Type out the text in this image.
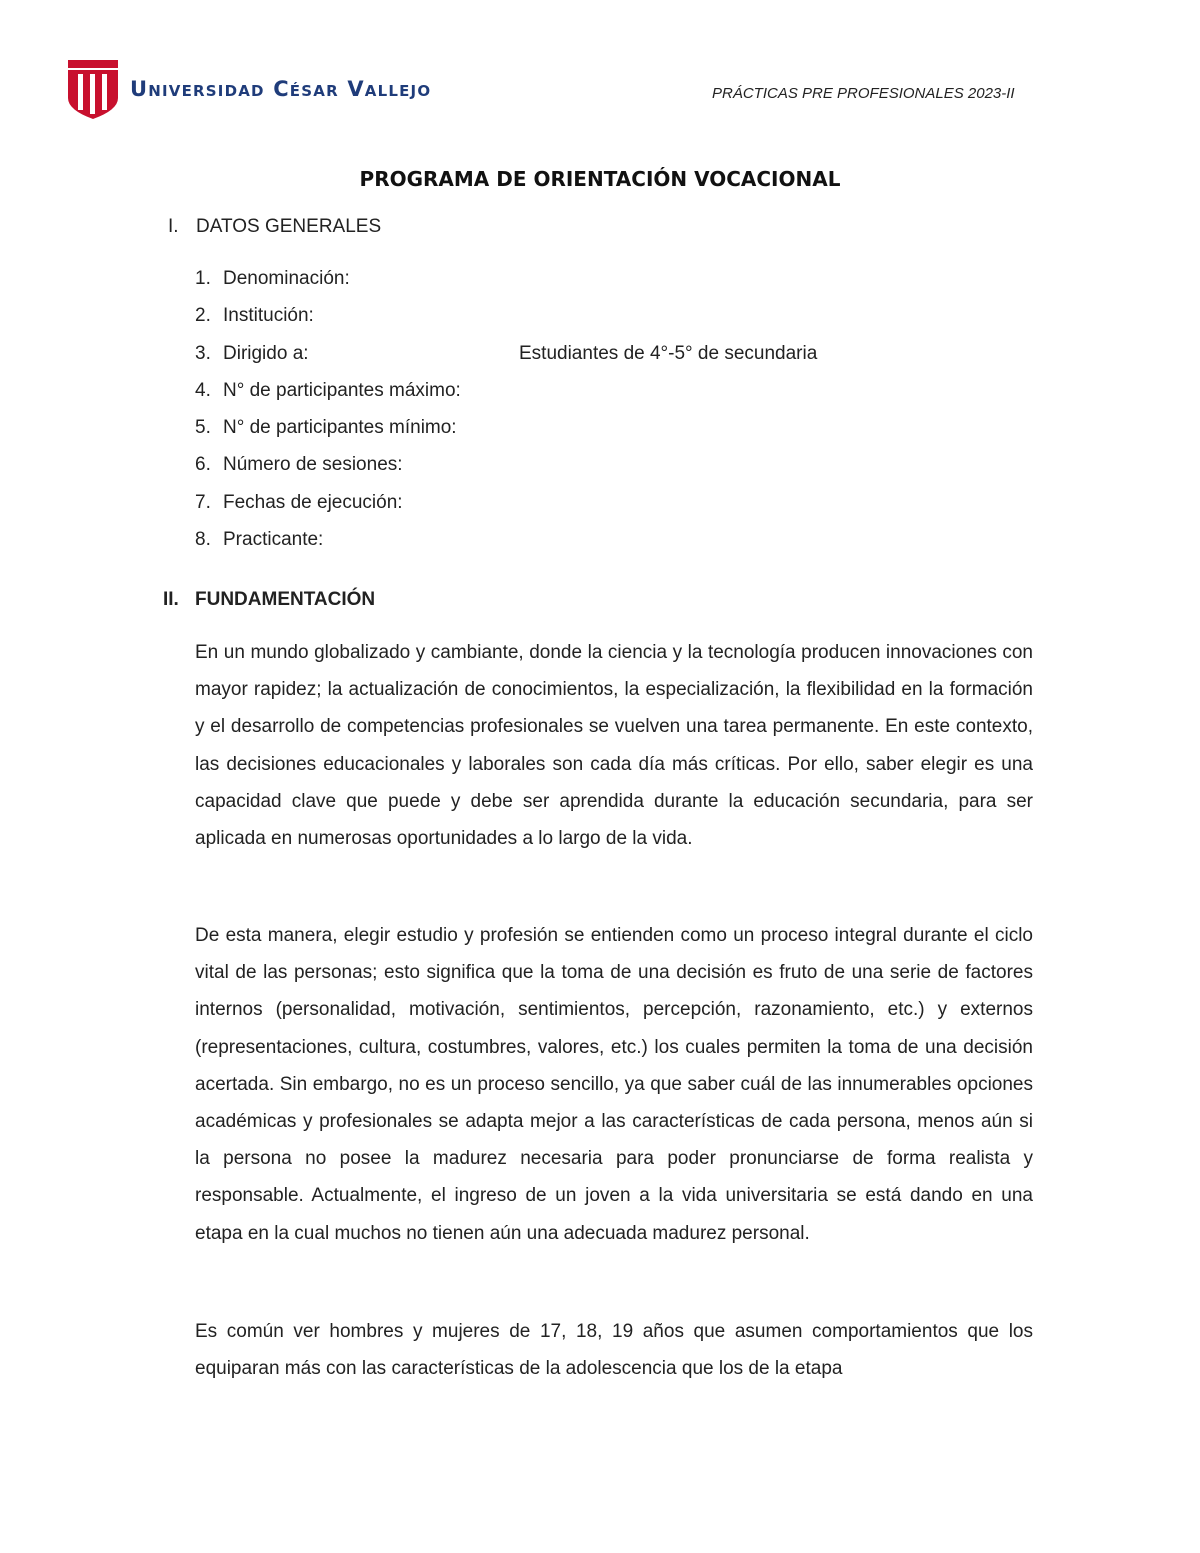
Universidad César Vallejo	PRÁCTICAS PRE PROFESIONALES 2023-II
PROGRAMA DE ORIENTACIÓN VOCACIONAL
I. DATOS GENERALES
1. Denominación:
2. Institución:
3. Dirigido a:	Estudiantes de 4°-5° de secundaria
4. N° de participantes máximo:
5. N° de participantes mínimo:
6. Número de sesiones:
7. Fechas de ejecución:
8. Practicante:
II. FUNDAMENTACIÓN

En un mundo globalizado y cambiante, donde la ciencia y la tecnología producen innovaciones con mayor rapidez; la actualización de conocimientos, la especialización, la flexibilidad en la formación y el desarrollo de competencias profesionales se vuelven una tarea permanente. En este contexto, las decisiones educacionales y laborales son cada día más críticas. Por ello, saber elegir es una capacidad clave que puede y debe ser aprendida durante la educación secundaria, para ser aplicada en numerosas oportunidades a lo largo de la vida.

De esta manera, elegir estudio y profesión se entienden como un proceso integral durante el ciclo vital de las personas; esto significa que la toma de una decisión es fruto de una serie de factores internos (personalidad, motivación, sentimientos, percepción, razonamiento, etc.) y externos (representaciones, cultura, costumbres, valores, etc.) los cuales permiten la toma de una decisión acertada. Sin embargo, no es un proceso sencillo, ya que saber cuál de las innumerables opciones académicas y profesionales se adapta mejor a las características de cada persona, menos aún si la persona no posee la madurez necesaria para poder pronunciarse de forma realista y responsable. Actualmente, el ingreso de un joven a la vida universitaria se está dando en una etapa en la cual muchos no tienen aún una adecuada madurez personal.

Es común ver hombres y mujeres de 17, 18, 19 años que asumen comportamientos que los equiparan más con las características de la adolescencia que los de la etapa
